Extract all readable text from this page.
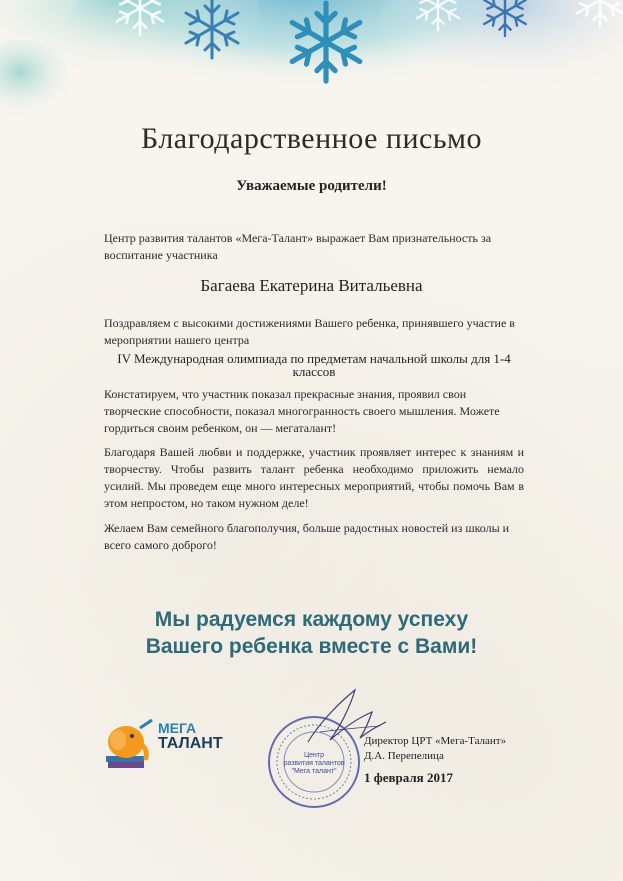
Благодарственное письмо
Уважаемые родители!
Центр развития талантов «Мега-Талант» выражает Вам признательность за воспитание участника
Багаева Екатерина Витальевна
Поздравляем с высокими достижениями Вашего ребенка, принявшего участие в мероприятии нашего центра
IV Международная олимпиада по предметам начальной школы для 1-4 классов
Констатируем, что участник показал прекрасные знания, проявил свои творческие способности, показал многогранность своего мышления. Можете гордиться своим ребенком, он — мегаталант!
Благодаря Вашей любви и поддержке, участник проявляет интерес к знаниям и творчеству. Чтобы развить талант ребенка необходимо приложить немало усилий. Мы проведем еще много интересных мероприятий, чтобы помочь Вам в этом непростом, но таком нужном деле!
Желаем Вам семейного благополучия, больше радостных новостей из школы и всего самого доброго!
Мы радуемся каждому успеху
Вашего ребенка вместе с Вами!
МЕГА
ТАЛАНТ
Центр
развития талантов
"Мега талант"
Директор ЦРТ «Мега-Талант»
Д.А. Перепелица
1 февраля 2017
